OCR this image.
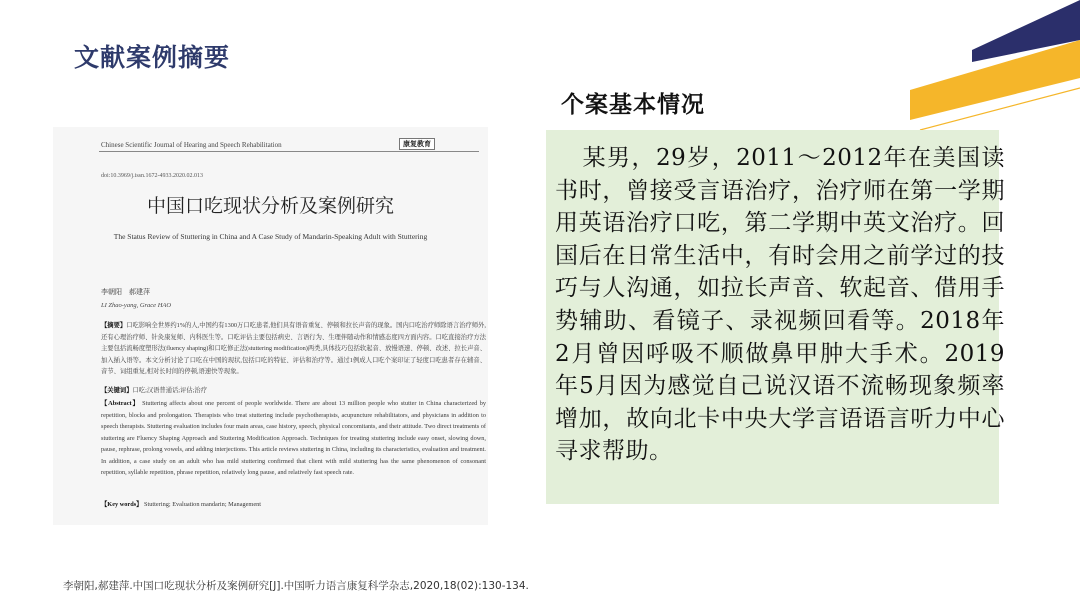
文献案例摘要
个案基本情况
Chinese Scientific Journal of Hearing and Speech Rehabilitation	康复教育
doi:10.3969/j.issn.1672-4933.2020.02.013
中国口吃现状分析及案例研究
The Status Review of Stuttering in China and A Case Study of Mandarin-Speaking Adult with Stuttering
李朝阳　郝建萍
LI Zhao-yang, Grace HAO
【摘要】口吃影响全世界约1%的人,中国约有1300万口吃患者,他们具有语音重复、停顿和拉长声音的现象。国内口吃治疗师除语言治疗师外,还有心理治疗师、针灸康复师、内科医生等。口吃评估主要包括病史、言语行为、生理伴随动作和情感态度四方面内容。口吃直接治疗方法主要包括流畅度塑形法(fluency shaping)和口吃修正法(stuttering modification)两类,具体技巧包括软起音、放慢语速、停顿、改述、拉长声音、加入插入语等。本文分析讨论了口吃在中国的现状,包括口吃的特征、评估和治疗等。通过1例成人口吃个案印证了轻度口吃患者存在辅音、音节、词组重复,相对长时间的停顿,语速快等现象。
【关键词】口吃;汉语普通话;评估;治疗
【Abstract】 Stuttering affects about one percent of people worldwide. There are about 13 million people who stutter in China characterized by repetition, blocks and prolongation. Therapists who treat stuttering include psychotherapists, acupuncture rehabilitators, and physicians in addition to speech therapists. Stuttering evaluation includes four main areas, case history, speech, physical concomitants, and their attitude. Two direct treatments of stuttering are Fluency Shaping Approach and Stuttering Modification Approach. Techniques for treating stuttering include easy onset, slowing down, pause, rephrase, prolong vowels, and adding interjections. This article reviews stuttering in China, including its characteristics, evaluation and treatment. In addition, a case study on an adult who has mild stuttering confirmed that client with mild stuttering has the same phenomenon of consonant repetition, syllable repetition, phrase repetition, relatively long pause, and relatively fast speech rate.
【Key words】 Stuttering; Evaluation mandarin; Management
某男，29岁，2011～2012年在美国读书时，曾接受言语治疗，治疗师在第一学期用英语治疗口吃，第二学期中英文治疗。回国后在日常生活中，有时会用之前学过的技巧与人沟通，如拉长声音、软起音、借用手势辅助、看镜子、录视频回看等。2018年2月曾因呼吸不顺做鼻甲肿大手术。2019年5月因为感觉自己说汉语不流畅现象频率增加，故向北卡中央大学言语语言听力中心寻求帮助。
李朝阳,郝建萍.中国口吃现状分析及案例研究[J].中国听力语言康复科学杂志,2020,18(02):130-134.
